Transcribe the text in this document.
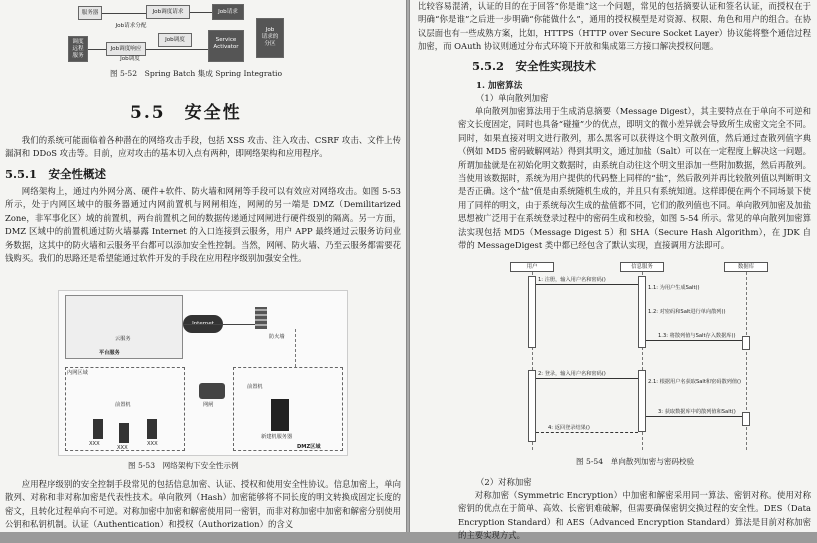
服务器	Job调度请求	Job请求
Job请求分配
Job调度	Service
Activator
Job
请求的
分区
调度
远程
服务
Job调度响应
Job调度
图 5-52　Spring Batch 集成 Spring Integratio
5.5　安全性

我们的系统可能面临着各种潜在的网络攻击手段，包括 XSS 攻击、注入攻击、CSRF 攻击、文件上传漏洞和 DDoS 攻击等。目前，应对攻击的基本切入点有两种，即网络架构和应用程序。

5.5.1　安全性概述

网络架构上，通过内外网分离、硬件+软件、防火墙和网闸等手段可以有效应对网络攻击。如图 5-53 所示，处于内网区域中的服务器通过内网前置机与网闸相连，网闸的另一端是 DMZ（Demilitarized Zone，非军事化区）域的前置机，两台前置机之间的数据传递通过网闸进行硬件级别的隔离。另一方面，DMZ 区域中的前置机通过防火墙暴露 Internet 的入口连接到云服务，用户 APP 最终通过云服务访问业务数据，这其中的防火墙和云服务平台都可以添加安全性控制。当然，网闸、防火墙、乃至云服务都需要花钱购买。我们的思路还是希望能通过软件开发的手段在应用程序级别加强安全性。

平台服务
云服务
Internet
防火墙
内网区域
前置机
XXX
XXX
XXX
网闸
前置机
新建机服务器
DMZ区域
图 5-53　网络架构下安全性示例

应用程序级别的安全控制手段常见的包括信息加密、认证、授权和使用安全性协议。信息加密上，单向散列、对称和非对称加密是代表性技术。单向散列（Hash）加密能够将不同长度的明文转换成固定长度的密文，且转化过程单向不可逆。对称加密中加密和解密使用同一密钥，而非对称加密中加密和解密分别使用公钥和私钥机制。认证（Authentication）和授权（Authorization）的含义

比较容易混淆，认证的目的在于回答“你是谁”这一个问题，常见的包括摘要认证和签名认证，而授权在于明确“你是谁”之后进一步明确“你能做什么”，通用的授权模型是对资源、权限、角色和用户的组合。在协议层面也有一些成熟方案，比如，HTTPS（HTTP over Secure Socket Layer）协议能将整个通信过程加密，而 OAuth 协议则通过分布式环境下开放和集成第三方接口解决授权问题。

5.5.2　安全性实现技术
1. 加密算法

（1）单向散列加密

单向散列加密算法用于生成消息摘要（Message Digest），其主要特点在于单向不可逆和密文长度固定，同时也具备“碰撞”少的优点，即明文的微小差异就会导致所生成密文完全不同。同时，如果直接对明文进行散列，那么黑客可以获得这个明文散列值，然后通过查散列值字典（例如 MD5 密码破解网站）得到其明文，通过加盐（Salt）可以在一定程度上解决这一问题。所谓加盐就是在初始化明文数据时，由系统自动往这个明文里添加一些附加数据，然后再散列。当使用该数据时，系统为用户提供的代码整上同样的“盐”，然后散列并再比较散列值以判断明文是否正确。这个“盐”值是由系统随机生成的，并且只有系统知道。这样即便在两个不同场景下使用了同样的明文，由于系统每次生成的盐值都不同，它们的散列值也不同。单向散列加密及加盐思想被广泛用于在系统登录过程中的密码生成和校验，如图 5-54 所示。常见的单向散列加密算法实现包括 MD5（Message Digest 5）和 SHA（Secure Hash Algorithm），在 JDK 自带的 MessageDigest 类中都已经包含了默认实现，直接调用方法即可。

用户	信息服务	数据库
1: 注册，输入用户名和密码()
1.1: 为用户生成Salt()
1.2: 对密码和Salt进行单向散列()
1.3: 将散列值与Salt存入数据库()
2: 登录，输入用户名和密码()
2.1: 根据用户名获取Salt和密码散列值()
3: 获取数据库中的散列值和Salt()
4: 返回登录结果()
图 5-54　单向散列加密与密码校验

（2）对称加密

对称加密（Symmetric Encryption）中加密和解密采用同一算法、密钥对称。使用对称密钥的优点在于简单、高效、长密钥难破解，但需要确保密钥交换过程的安全性。DES（Data Encryption Standard）和 AES（Advanced Encryption Standard）算法是目前对称加密的主要实现方式。
